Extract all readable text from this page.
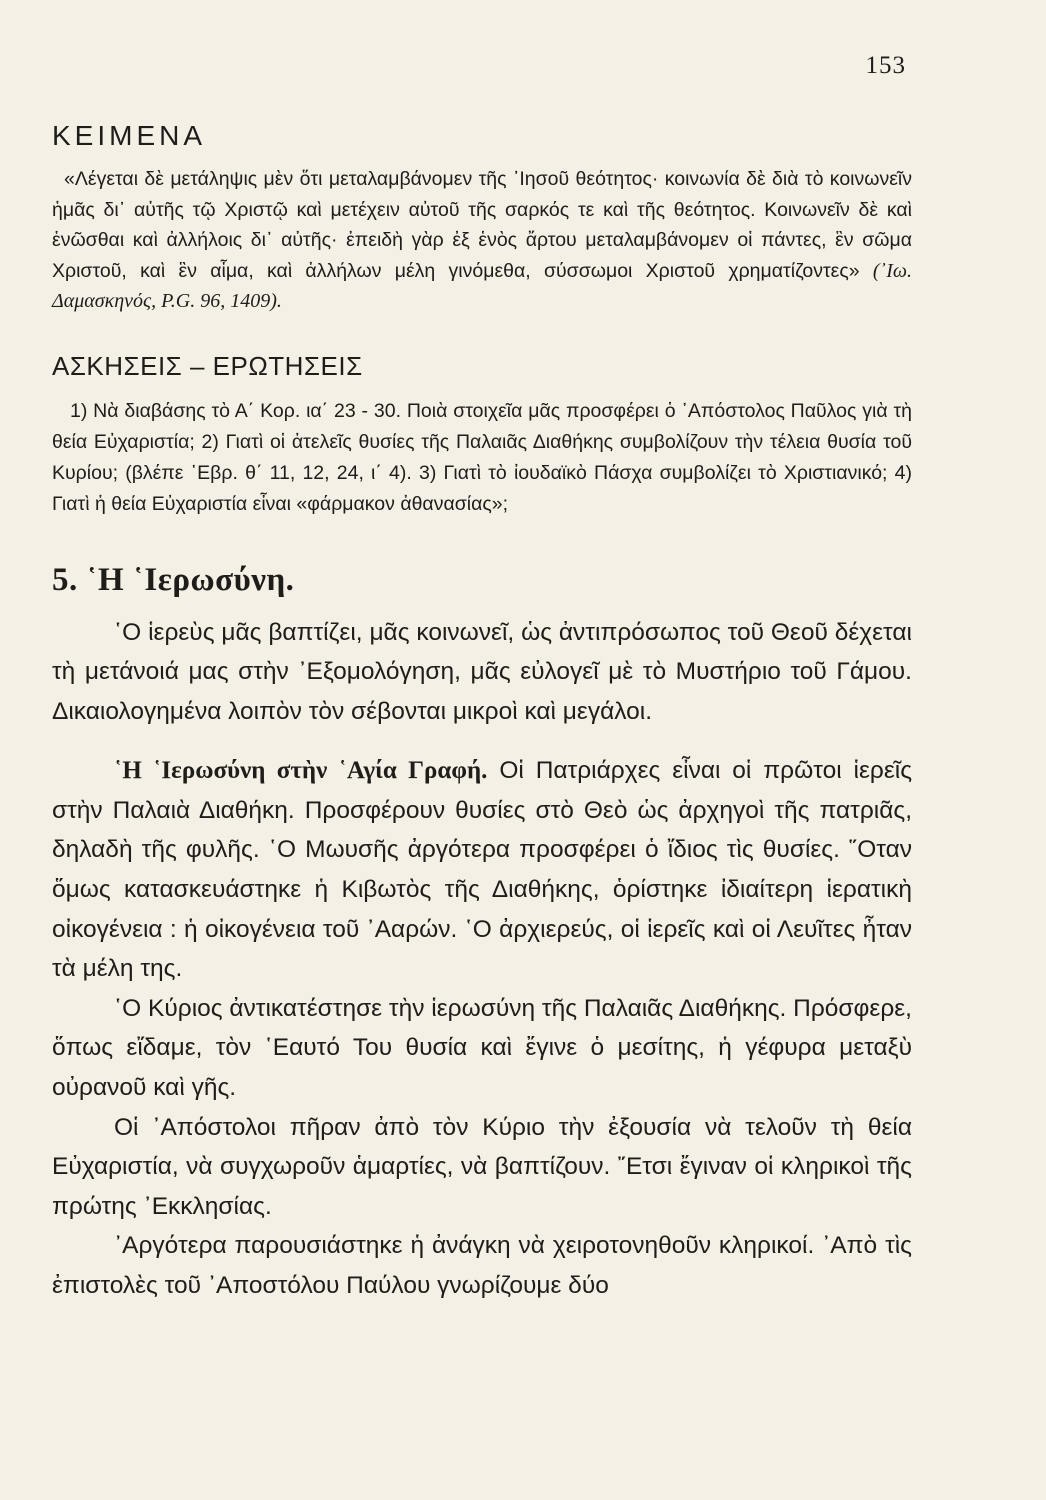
153
ΚΕΙΜΕΝΑ

«Λέγεται δὲ μετάληψις μὲν ὅτι μεταλαμβάνομεν τῆς ᾿Ιησοῦ θεότητος· κοινωνία δὲ διὰ τὸ κοινωνεῖν ἡμᾶς δι᾿ αὐτῆς τῷ Χριστῷ καὶ μετέχειν αὐτοῦ τῆς σαρκός τε καὶ τῆς θεότητος. Κοινωνεῖν δὲ καὶ ἑνῶσθαι καὶ ἀλλήλοις δι᾿ αὐτῆς· ἐπειδὴ γὰρ ἐξ ἑνὸς ἄρτου μεταλαμβάνομεν οἱ πάντες, ἓν σῶμα Χριστοῦ, καὶ ἓν αἷμα, καὶ ἀλλήλων μέλη γινόμεθα, σύσσωμοι Χριστοῦ χρηματίζοντες» (᾿Ιω. Δαμασκηνός, P.G. 96, 1409).

ΑΣΚΗΣΕΙΣ – ΕΡΩΤΗΣΕΙΣ

1) Νὰ διαβάσης τὸ Α΄ Κορ. ια΄ 23 - 30. Ποιὰ στοιχεῖα μᾶς προσφέρει ὁ ᾿Απόστολος Παῦλος γιὰ τὴ θεία Εὐχαριστία; 2) Γιατὶ οἱ ἀτελεῖς θυσίες τῆς Παλαιᾶς Διαθήκης συμβολίζουν τὴν τέλεια θυσία τοῦ Κυρίου; (βλέπε ῾Εβρ. θ΄ 11, 12, 24, ι΄ 4). 3) Γιατὶ τὸ ἰουδαϊκὸ Πάσχα συμβολίζει τὸ Χριστιανικό; 4) Γιατὶ ἡ θεία Εὐχαριστία εἶναι «φάρμακον ἀθανασίας»;

5. ῾Η ῾Ιερωσύνη.

῾Ο ἱερεὺς μᾶς βαπτίζει, μᾶς κοινωνεῖ, ὡς ἀντιπρόσωπος τοῦ Θεοῦ δέχεται τὴ μετάνοιά μας στὴν ᾿Εξομολόγηση, μᾶς εὐλογεῖ μὲ τὸ Μυστήριο τοῦ Γάμου. Δικαιολογημένα λοιπὸν τὸν σέβονται μικροὶ καὶ μεγάλοι.

῾Η ῾Ιερωσύνη στὴν ῾Αγία Γραφή. Οἱ Πατριάρχες εἶναι οἱ πρῶτοι ἱερεῖς στὴν Παλαιὰ Διαθήκη. Προσφέρουν θυσίες στὸ Θεὸ ὡς ἀρχηγοὶ τῆς πατριᾶς, δηλαδὴ τῆς φυλῆς. ῾Ο Μωυσῆς ἀργότερα προσφέρει ὁ ἴδιος τὶς θυσίες. ῞Οταν ὅμως κατασκευάστηκε ἡ Κιβωτὸς τῆς Διαθήκης, ὁρίστηκε ἰδιαίτερη ἱερατικὴ οἰκογένεια : ἡ οἰκογένεια τοῦ ᾿Ααρών. ῾Ο ἀρχιερεύς, οἱ ἱερεῖς καὶ οἱ Λευῖτες ἦταν τὰ μέλη της.

῾Ο Κύριος ἀντικατέστησε τὴν ἱερωσύνη τῆς Παλαιᾶς Διαθήκης. Πρόσφερε, ὅπως εἴδαμε, τὸν ῾Εαυτό Του θυσία καὶ ἔγινε ὁ μεσίτης, ἡ γέφυρα μεταξὺ οὐρανοῦ καὶ γῆς.

Οἱ ᾿Απόστολοι πῆραν ἀπὸ τὸν Κύριο τὴν ἐξουσία νὰ τελοῦν τὴ θεία Εὐχαριστία, νὰ συγχωροῦν ἁμαρτίες, νὰ βαπτίζουν. ῎Ετσι ἔγιναν οἱ κληρικοὶ τῆς πρώτης ᾿Εκκλησίας.

᾿Αργότερα παρουσιάστηκε ἡ ἀνάγκη νὰ χειροτονηθοῦν κληρικοί. ᾿Απὸ τὶς ἐπιστολὲς τοῦ ᾿Αποστόλου Παύλου γνωρίζουμε δύο
